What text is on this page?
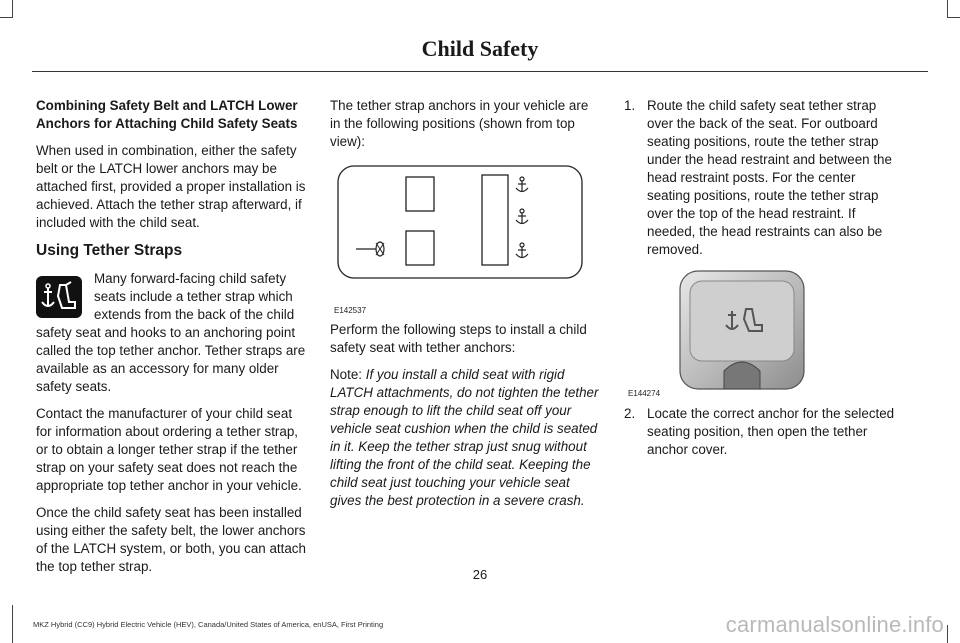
Child Safety
Combining Safety Belt and LATCH Lower Anchors for Attaching Child Safety Seats

When used in combination, either the safety belt or the LATCH lower anchors may be attached first, provided a proper installation is achieved. Attach the tether strap afterward, if included with the child seat.

Using Tether Straps

Many forward-facing child safety seats include a tether strap which extends from the back of the child safety seat and hooks to an anchoring point called the top tether anchor. Tether straps are available as an accessory for many older safety seats.

Contact the manufacturer of your child seat for information about ordering a tether strap, or to obtain a longer tether strap if the tether strap on your safety seat does not reach the appropriate top tether anchor in your vehicle.

Once the child safety seat has been installed using either the safety belt, the lower anchors of the LATCH system, or both, you can attach the top tether strap.

The tether strap anchors in your vehicle are in the following positions (shown from top view):

E142537

Perform the following steps to install a child safety seat with tether anchors:

Note: If you install a child seat with rigid LATCH attachments, do not tighten the tether strap enough to lift the child seat off your vehicle seat cushion when the child is seated in it. Keep the tether strap just snug without lifting the front of the child seat. Keeping the child seat just touching your vehicle seat gives the best protection in a severe crash.

1. Route the child safety seat tether strap over the back of the seat. For outboard seating positions, route the tether strap under the head restraint and between the head restraint posts. For the center seating positions, route the tether strap over the top of the head restraint. If needed, the head restraints can also be removed.
E144274
2. Locate the correct anchor for the selected seating position, then open the tether anchor cover.
26
MKZ Hybrid (CC9) Hybrid Electric Vehicle (HEV), Canada/United States of America, enUSA, First Printing	carmanualsonline.info
